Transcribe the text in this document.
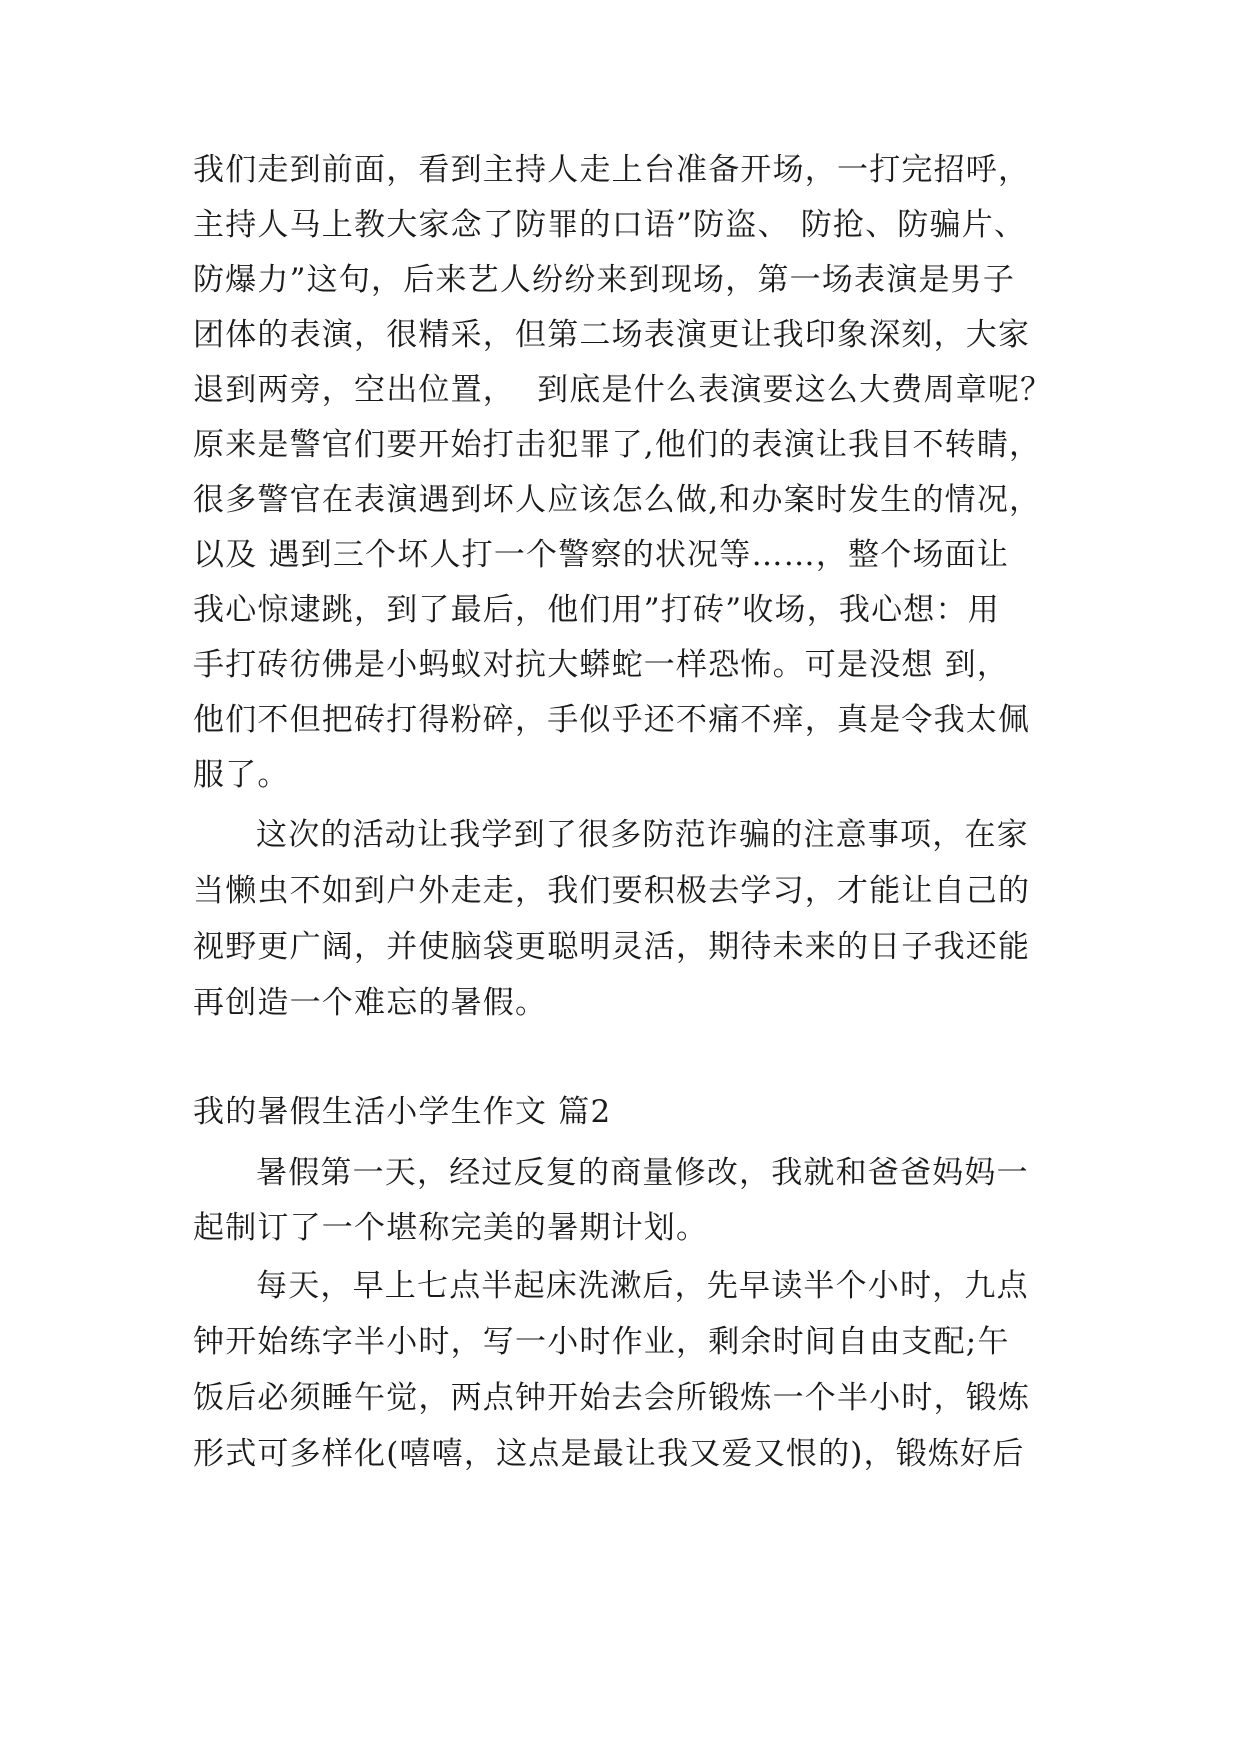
我们走到前面，看到主持人走上台准备开场，一打完招呼，
主持人马上教大家念了防罪的口语”防盗、 防抢、防骗片、
防爆力”这句，后来艺人纷纷来到现场，第一场表演是男子
团体的表演，很精采，但第二场表演更让我印象深刻，大家
退到两旁，空出位置，  到底是什么表演要这么大费周章呢？
原来是警官们要开始打击犯罪了,他们的表演让我目不转睛，
很多警官在表演遇到坏人应该怎么做,和办案时发生的情况，
以及 遇到三个坏人打一个警察的状况等……，整个场面让
我心惊逮跳，到了最后，他们用”打砖”收场，我心想：用
手打砖彷佛是小蚂蚁对抗大蟒蛇一样恐怖。可是没想 到，
他们不但把砖打得粉碎，手似乎还不痛不痒，真是令我太佩
服了。
这次的活动让我学到了很多防范诈骗的注意事项，在家
当懒虫不如到户外走走，我们要积极去学习，才能让自己的
视野更广阔，并使脑袋更聪明灵活，期待未来的日子我还能
再创造一个难忘的暑假。
我的暑假生活小学生作文 篇2
暑假第一天，经过反复的商量修改，我就和爸爸妈妈一
起制订了一个堪称完美的暑期计划。
每天，早上七点半起床洗漱后，先早读半个小时，九点
钟开始练字半小时，写一小时作业，剩余时间自由支配;午
饭后必须睡午觉，两点钟开始去会所锻炼一个半小时，锻炼
形式可多样化(嘻嘻，这点是最让我又爱又恨的)，锻炼好后
